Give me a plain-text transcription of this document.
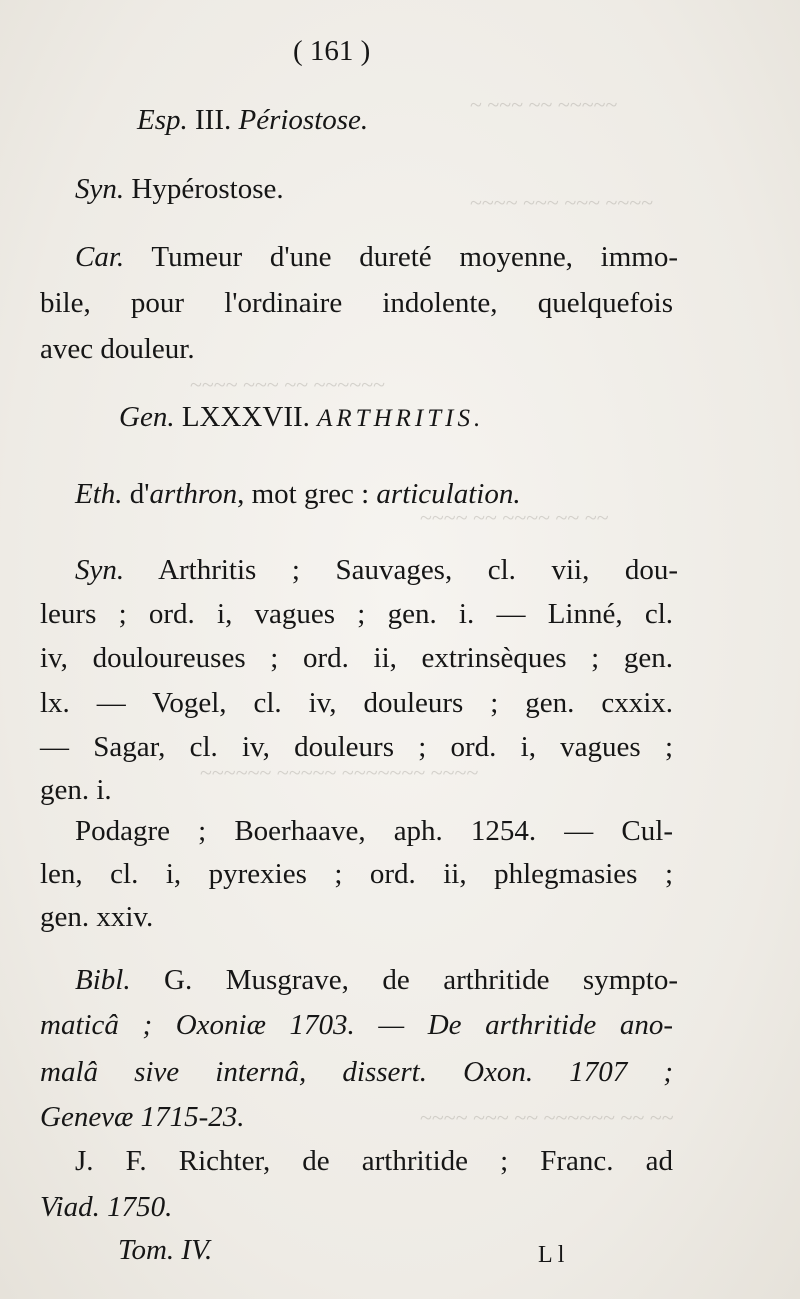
~ ~~~ ~~ ~~~~~
~~~~ ~~~ ~~~ ~~~~
~~~~ ~~~ ~~ ~~~~~~
~~~~ ~~ ~~~~ ~~ ~~
~~~~~~ ~~~~~ ~~~~~~~ ~~~~
~~~~ ~~~ ~~ ~~~~~~ ~~ ~~
( 161 )
Esp. III. Périostose.
Syn. Hypérostose.
Car. Tumeur d'une dureté moyenne, immo-
bile, pour l'ordinaire indolente, quelquefois
avec douleur.
Gen. LXXXVII. ARTHRITIS.
Eth. d'arthron, mot grec : articulation.
Syn. Arthritis ; Sauvages, cl. vii, dou-
leurs ; ord. i, vagues ; gen. i. — Linné, cl.
iv, douloureuses ; ord. ii, extrinsèques ; gen.
lx. — Vogel, cl. iv, douleurs ; gen. cxxix.
— Sagar, cl. iv, douleurs ; ord. i, vagues ;
gen. i.
Podagre ; Boerhaave, aph. 1254. — Cul-
len, cl. i, pyrexies ; ord. ii, phlegmasies ;
gen. xxiv.
Bibl. G. Musgrave, de arthritide sympto-
maticâ ; Oxoniæ 1703. — De arthritide ano-
malâ sive internâ, dissert. Oxon. 1707 ;
Genevæ 1715-23.
J. F. Richter, de arthritide ; Franc. ad
Viad. 1750.
Tom. IV.	L l
